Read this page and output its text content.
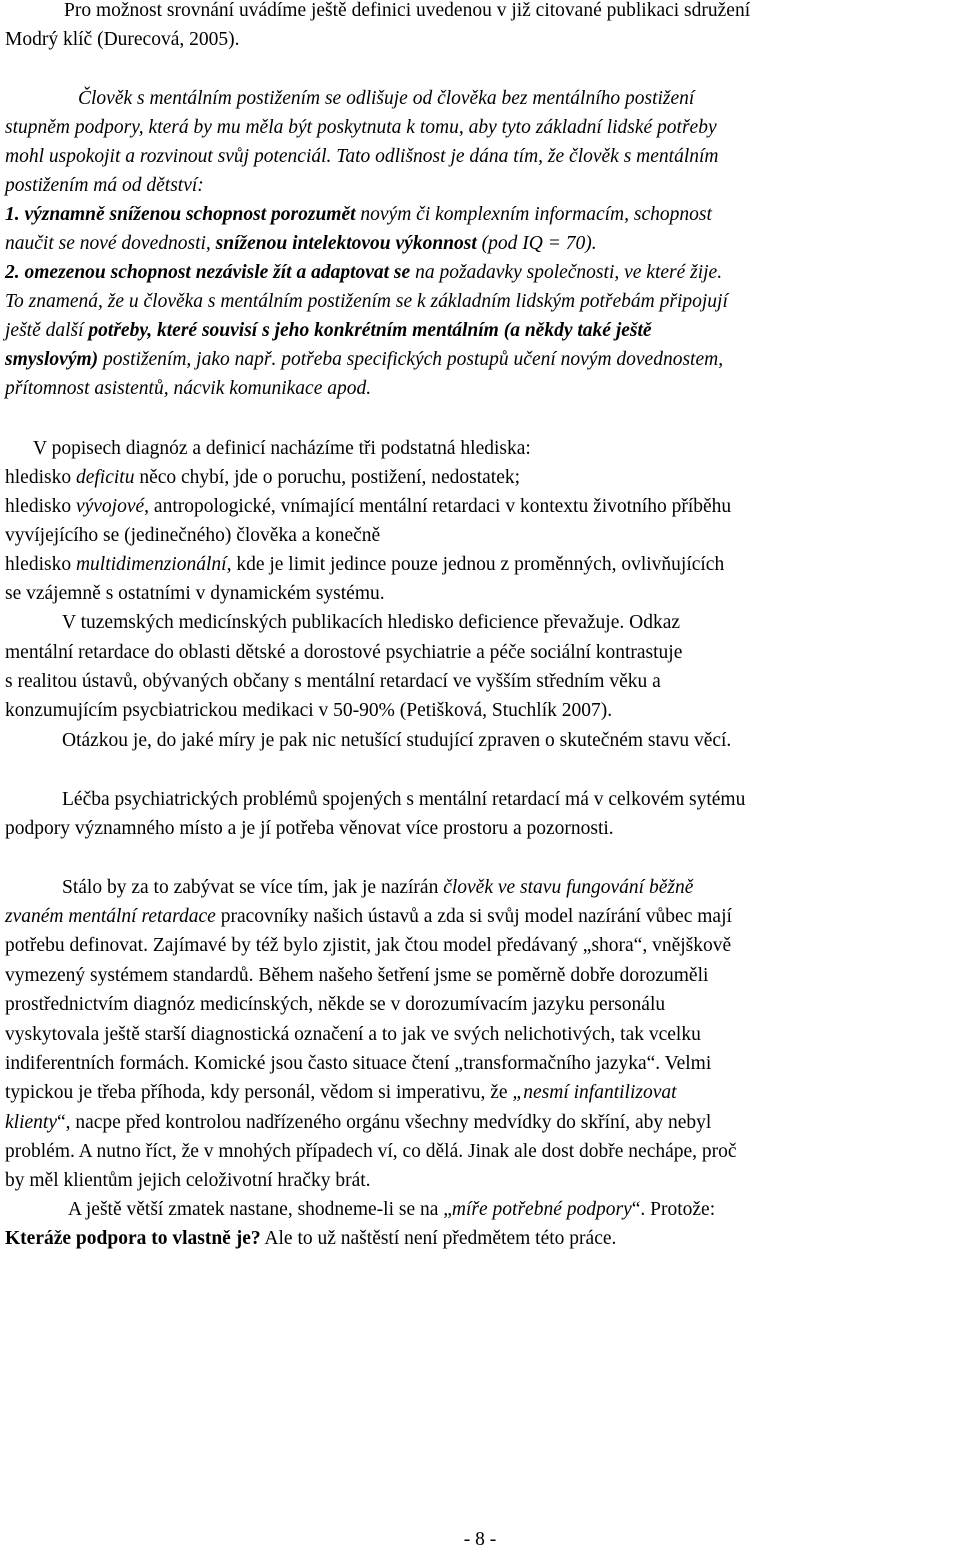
Pro možnost srovnání uvádíme ještě definici uvedenou v již citované publikaci sdružení
Modrý klíč (Durecová, 2005).
Člověk s mentálním postižením se odlišuje od člověka bez mentálního postižení
stupněm podpory, která by mu měla být poskytnuta k tomu, aby tyto základní lidské potřeby
mohl uspokojit a rozvinout svůj potenciál. Tato odlišnost je dána tím, že člověk s mentálním
postižením má od dětství:
1. významně sníženou schopnost porozumět novým či komplexním informacím, schopnost
naučit se nové dovednosti, sníženou intelektovou výkonnost (pod IQ = 70).
2. omezenou schopnost nezávisle žít a adaptovat se na požadavky společnosti, ve které žije.
To znamená, že u člověka s mentálním postižením se k základním lidským potřebám připojují
ještě další potřeby, které souvisí s jeho konkrétním mentálním (a někdy také ještě
smyslovým) postižením, jako např. potřeba specifických postupů učení novým dovednostem,
přítomnost asistentů, nácvik komunikace apod.
V popisech diagnóz a definicí nacházíme tři podstatná hlediska:
hledisko deficitu něco chybí, jde o poruchu, postižení, nedostatek;
hledisko vývojové, antropologické, vnímající mentální retardaci v kontextu životního příběhu
vyvíjejícího se (jedinečného) člověka a konečně
hledisko multidimenzionální, kde je limit jedince pouze jednou z proměnných, ovlivňujících
se vzájemně s ostatními v dynamickém systému.
V tuzemských medicínských publikacích hledisko deficience převažuje. Odkaz
mentální retardace do oblasti dětské a dorostové psychiatrie a péče sociální kontrastuje
s realitou ústavů, obývaných občany s mentální retardací ve vyšším středním věku a
konzumujícím psycbiatrickou medikaci v 50-90% (Petišková, Stuchlík 2007).
Otázkou je, do jaké míry je pak nic netušící studující zpraven o skutečném stavu věcí.
Léčba psychiatrických problémů spojených s mentální retardací má v celkovém sytému
podpory významného místo a je jí potřeba věnovat více prostoru a pozornosti.
Stálo by za to zabývat se více tím, jak je nazírán člověk ve stavu fungování běžně
zvaném mentální retardace pracovníky našich ústavů a zda si svůj model nazírání vůbec mají
potřebu definovat. Zajímavé by též bylo zjistit, jak čtou model předávaný „shora“, vnějškově
vymezený systémem standardů. Během našeho šetření jsme se poměrně dobře dorozuměli
prostřednictvím diagnóz medicínských, někde se v dorozumívacím jazyku personálu
vyskytovala ještě starší diagnostická označení a to jak ve svých nelichotivých, tak vcelku
indiferentních formách. Komické jsou často situace čtení „transformačního jazyka“. Velmi
typickou je třeba příhoda, kdy personál, vědom si imperativu, že „nesmí infantilizovat
klienty“, nacpe před kontrolou nadřízeného orgánu všechny medvídky do skříní, aby nebyl
problém. A nutno říct, že v mnohých případech ví, co dělá. Jinak ale dost dobře nechápe, proč
by měl klientům jejich celoživotní hračky brát.
A ještě větší zmatek nastane, shodneme-li se na „míře potřebné podpory“. Protože:
Kteráže podpora to vlastně je? Ale to už naštěstí není předmětem této práce.
- 8 -
